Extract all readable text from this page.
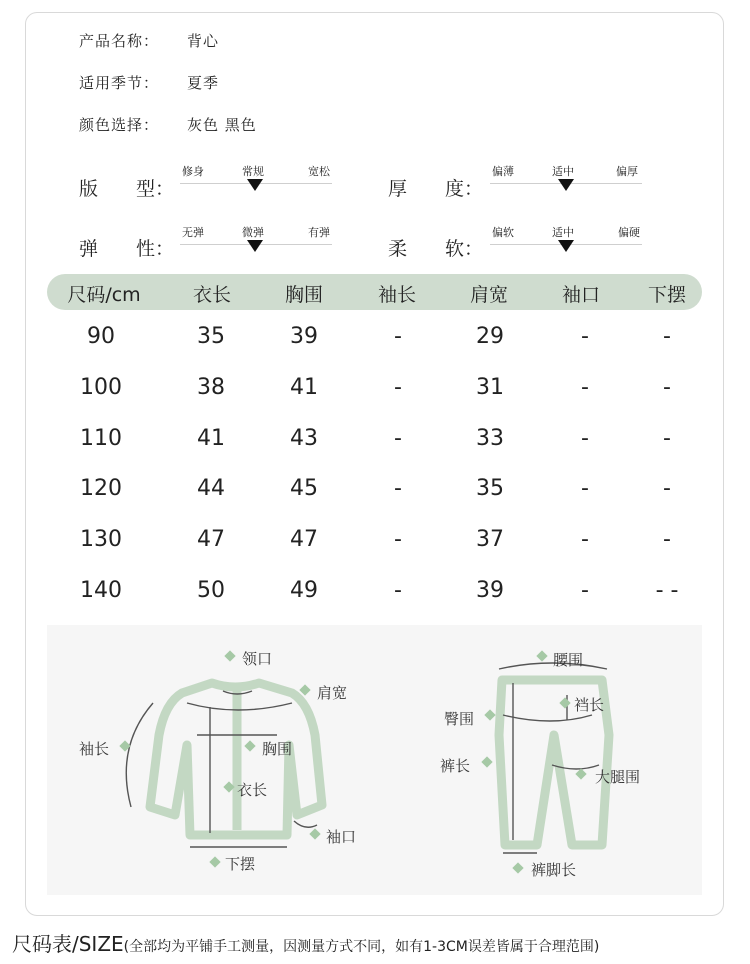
产品名称： 背心
适用季节： 夏季
颜色选择： 灰色 黑色
版　　型：
修身	常规	宽松
厚　　度：
偏薄	适中	偏厚
弹　　性：
无弹	微弹	有弹
柔　　软：
偏软	适中	偏硬
尺码/cm	衣长	胸围	袖长	肩宽	袖口	下摆
90	35	39	-	29	-	-
100	38	41	-	31	-	-
110	41	43	-	33	-	-
120	44	45	-	35	-	-
130	47	47	-	37	-	-
140	50	49	-	39	-	- -
领口
肩宽
袖长	胸围
衣长
袖口
下摆
腰围
裆长
臀围
裤长
大腿围
裤脚长
尺码表/SIZE(全部均为平铺手工测量，因测量方式不同，如有1-3CM误差皆属于合理范围)
